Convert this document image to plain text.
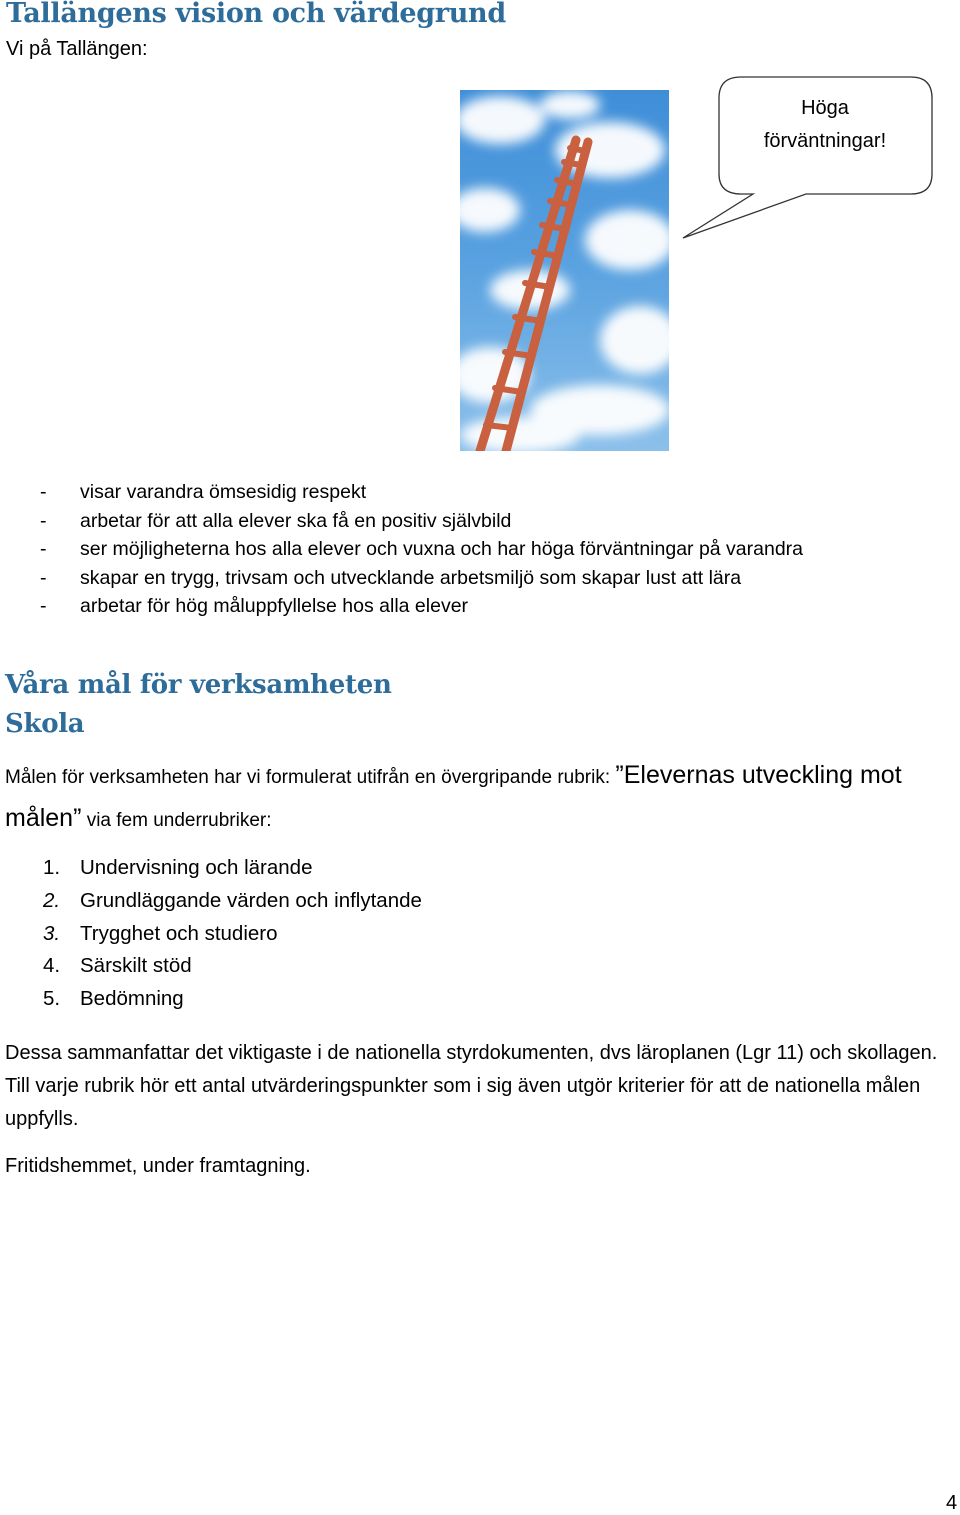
Tallängens vision och värdegrund

Vi på Tallängen:

Höga
förväntningar!
- visar varandra ömsesidig respekt
- arbetar för att alla elever ska få en positiv självbild
- ser möjligheterna hos alla elever och vuxna och har höga förväntningar på varandra
- skapar en trygg, trivsam och utvecklande arbetsmiljö som skapar lust att lära
- arbetar för hög måluppfyllelse hos alla elever
Våra mål för verksamheten
Skola

Målen för verksamheten har vi formulerat utifrån en övergripande rubrik: ”Elevernas utveckling mot målen” via fem underrubriker:

1. Undervisning och lärande
2. Grundläggande värden och inflytande
3. Trygghet och studiero
4. Särskilt stöd
5. Bedömning

Dessa sammanfattar det viktigaste i de nationella styrdokumenten, dvs läroplanen (Lgr 11) och skollagen. Till varje rubrik hör ett antal utvärderingspunkter som i sig även utgör kriterier för att de nationella målen uppfylls.

Fritidshemmet, under framtagning.

4
